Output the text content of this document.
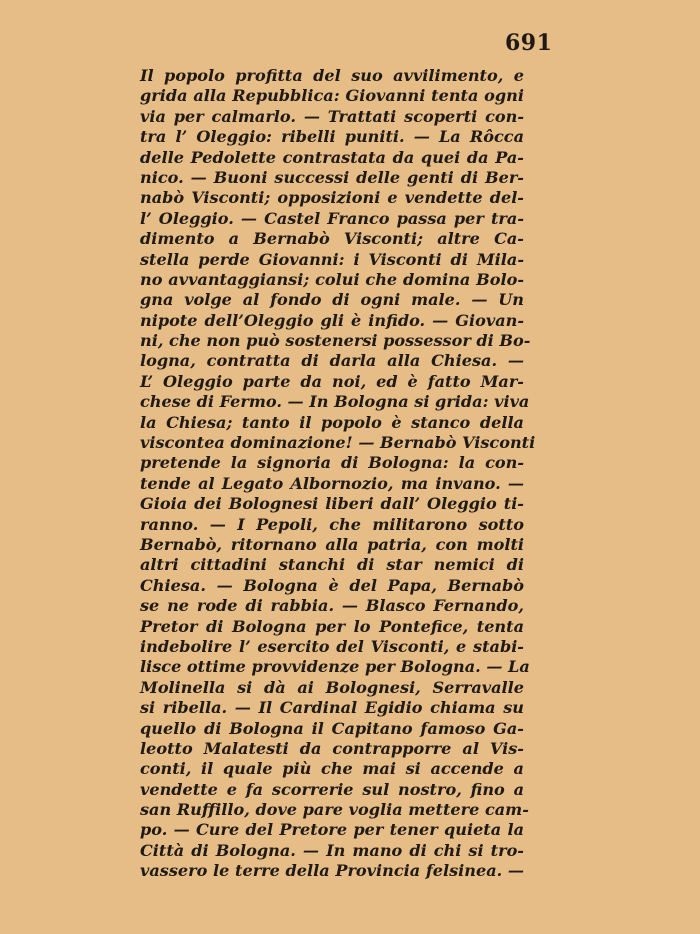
691
Il popolo profitta del suo avvilimento, e
grida alla Repubblica: Giovanni tenta ogni
via per calmarlo. — Trattati scoperti con-
tra l’ Oleggio: ribelli puniti. — La Rôcca
delle Pedolette contrastata da quei da Pa-
nico. — Buoni successi delle genti di Ber-
nabò Visconti; opposizioni e vendette del-
l’ Oleggio. — Castel Franco passa per tra-
dimento a Bernabò Visconti; altre Ca-
stella perde Giovanni: i Visconti di Mila-
no avvantaggiansi; colui che domina Bolo-
gna volge al fondo di ogni male. — Un
nipote dell’Oleggio gli è infido. — Giovan-
ni, che non può sostenersi possessor di Bo-
logna, contratta di darla alla Chiesa. —
L’ Oleggio parte da noi, ed è fatto Mar-
chese di Fermo. — In Bologna si grida: viva
la Chiesa; tanto il popolo è stanco della
viscontea dominazione! — Bernabò Visconti
pretende la signoria di Bologna: la con-
tende al Legato Albornozio, ma invano. —
Gioia dei Bolognesi liberi dall’ Oleggio ti-
ranno. — I Pepoli, che militarono sotto
Bernabò, ritornano alla patria, con molti
altri cittadini stanchi di star nemici di
Chiesa. — Bologna è del Papa, Bernabò
se ne rode di rabbia. — Blasco Fernando,
Pretor di Bologna per lo Pontefice, tenta
indebolire l’ esercito del Visconti, e stabi-
lisce ottime provvidenze per Bologna. — La
Molinella si dà ai Bolognesi, Serravalle
si ribella. — Il Cardinal Egidio chiama su
quello di Bologna il Capitano famoso Ga-
leotto Malatesti da contrapporre al Vis-
conti, il quale più che mai si accende a
vendette e fa scorrerie sul nostro, fino a
san Ruffillo, dove pare voglia mettere cam-
po. — Cure del Pretore per tener quieta la
Città di Bologna. — In mano di chi si tro-
vassero le terre della Provincia felsinea. —
